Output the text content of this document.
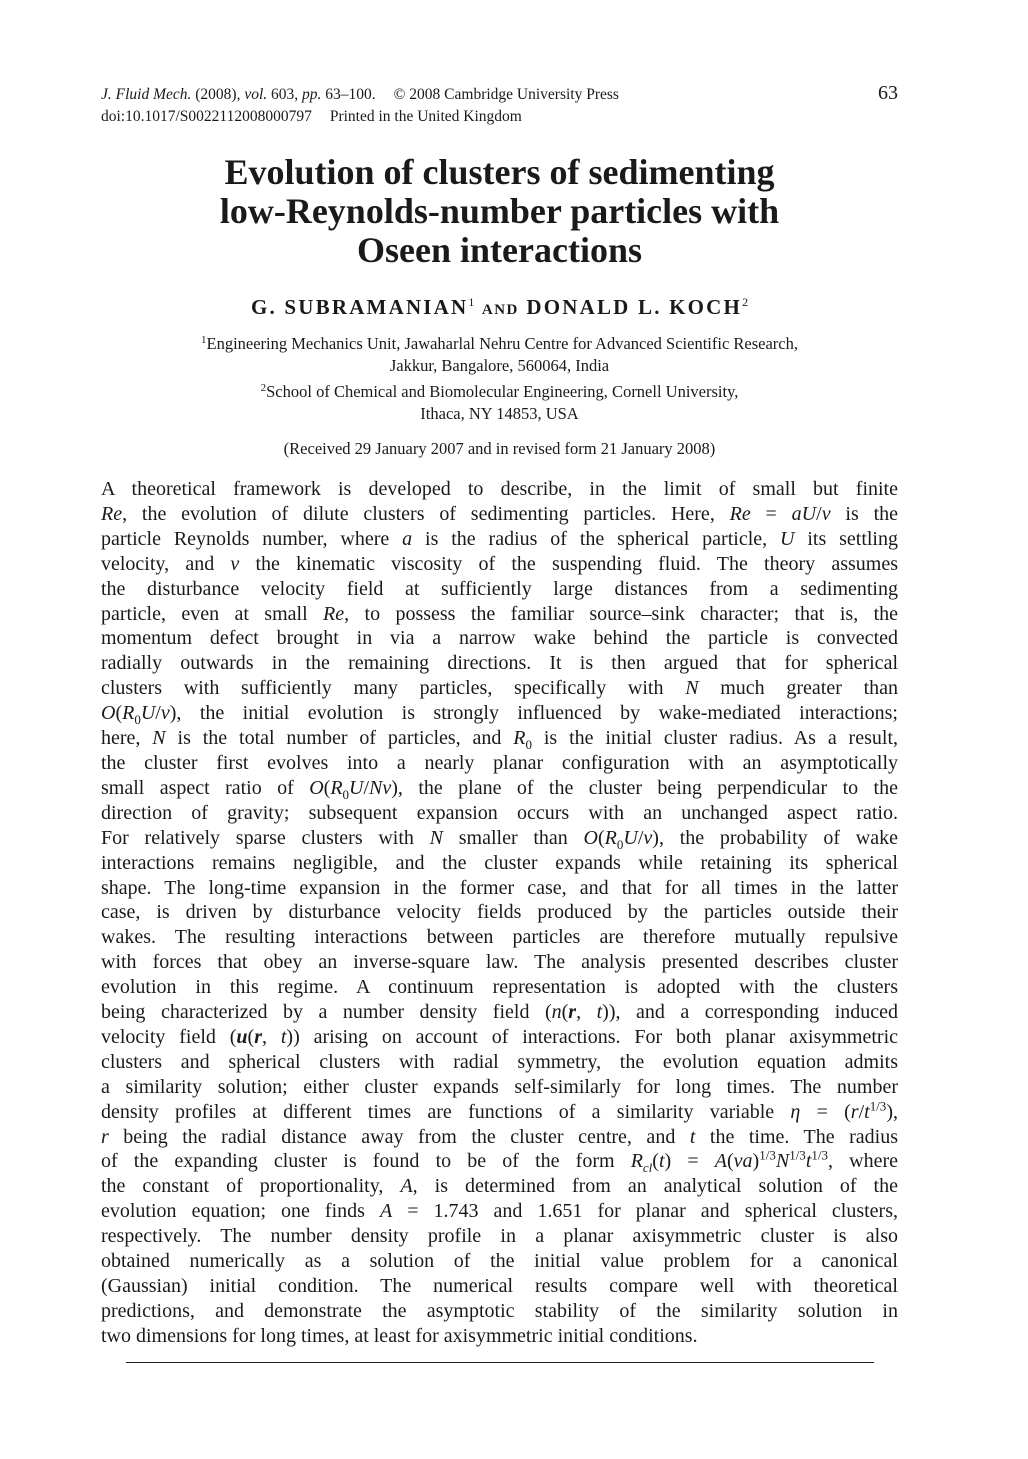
J. Fluid Mech. (2008), vol. 603, pp. 63–100. © 2008 Cambridge University Press
doi:10.1017/S0022112008000797 Printed in the United Kingdom
63
Evolution of clusters of sedimenting
low-Reynolds-number particles with
Oseen interactions
G. SUBRAMANIAN$^1$ AND DONALD L. KOCH$^2$
$^1$Engineering Mechanics Unit, Jawaharlal Nehru Centre for Advanced Scientific Research,
Jakkur, Bangalore, 560064, India
$^2$School of Chemical and Biomolecular Engineering, Cornell University,
Ithaca, NY 14853, USA
(Received 29 January 2007 and in revised form 21 January 2008)
A theoretical framework is developed to describe, in the limit of small but finite
Re, the evolution of dilute clusters of sedimenting particles. Here, Re = aU/ν is the
particle Reynolds number, where a is the radius of the spherical particle, U its settling
velocity, and ν the kinematic viscosity of the suspending fluid. The theory assumes
the disturbance velocity field at sufficiently large distances from a sedimenting
particle, even at small Re, to possess the familiar source–sink character; that is, the
momentum defect brought in via a narrow wake behind the particle is convected
radially outwards in the remaining directions. It is then argued that for spherical
clusters with sufficiently many particles, specifically with N much greater than
$O(R_0U/\nu)$, the initial evolution is strongly influenced by wake-mediated interactions;
here, N is the total number of particles, and $R_0$ is the initial cluster radius. As a result,
the cluster first evolves into a nearly planar configuration with an asymptotically
small aspect ratio of $O(R_0U/N\nu)$, the plane of the cluster being perpendicular to the
direction of gravity; subsequent expansion occurs with an unchanged aspect ratio.
For relatively sparse clusters with N smaller than $O(R_0U/\nu)$, the probability of wake
interactions remains negligible, and the cluster expands while retaining its spherical
shape. The long-time expansion in the former case, and that for all times in the latter
case, is driven by disturbance velocity fields produced by the particles outside their
wakes. The resulting interactions between particles are therefore mutually repulsive
with forces that obey an inverse-square law. The analysis presented describes cluster
evolution in this regime. A continuum representation is adopted with the clusters
being characterized by a number density field (n(r, t)), and a corresponding induced
velocity field (u(r, t)) arising on account of interactions. For both planar axisymmetric
clusters and spherical clusters with radial symmetry, the evolution equation admits
a similarity solution; either cluster expands self-similarly for long times. The number
density profiles at different times are functions of a similarity variable $\eta = (r/t^{1/3})$,
r being the radial distance away from the cluster centre, and t the time. The radius
of the expanding cluster is found to be of the form $R_{cl}(t) = A(\nu a)^{1/3}N^{1/3}t^{1/3}$, where
the constant of proportionality, A, is determined from an analytical solution of the
evolution equation; one finds A = 1.743 and 1.651 for planar and spherical clusters,
respectively. The number density profile in a planar axisymmetric cluster is also
obtained numerically as a solution of the initial value problem for a canonical
(Gaussian) initial condition. The numerical results compare well with theoretical
predictions, and demonstrate the asymptotic stability of the similarity solution in
two dimensions for long times, at least for axisymmetric initial conditions.
